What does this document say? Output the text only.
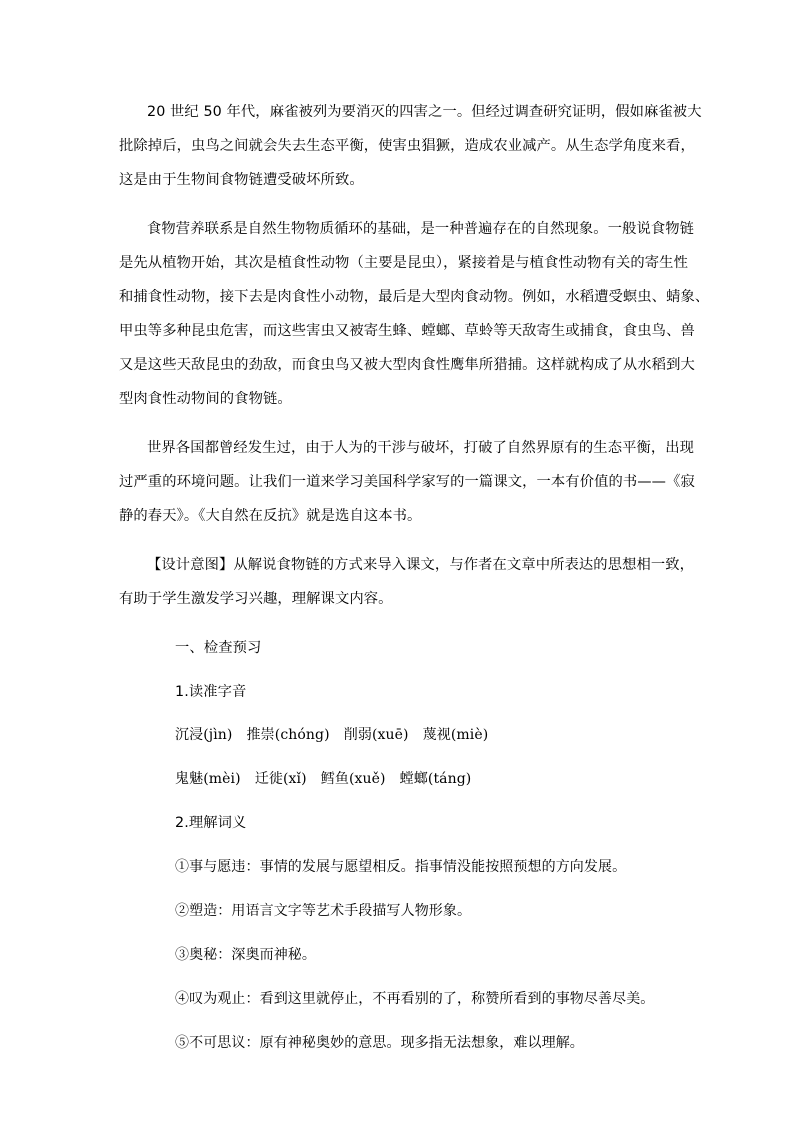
20 世纪 50 年代，麻雀被列为要消灭的四害之一。但经过调查研究证明，假如麻雀被大
批除掉后，虫鸟之间就会失去生态平衡，使害虫猖獗，造成农业减产。从生态学角度来看，
这是由于生物间食物链遭受破坏所致。
食物营养联系是自然生物物质循环的基础，是一种普遍存在的自然现象。一般说食物链
是先从植物开始，其次是植食性动物（主要是昆虫），紧接着是与植食性动物有关的寄生性
和捕食性动物，接下去是肉食性小动物，最后是大型肉食动物。例如，水稻遭受螟虫、蜻象、
甲虫等多种昆虫危害，而这些害虫又被寄生蜂、螳螂、草蛉等天敌寄生或捕食，食虫鸟、兽
又是这些天敌昆虫的劲敌，而食虫鸟又被大型肉食性鹰隼所猎捕。这样就构成了从水稻到大
型肉食性动物间的食物链。
世界各国都曾经发生过，由于人为的干涉与破坏，打破了自然界原有的生态平衡，出现
过严重的环境问题。让我们一道来学习美国科学家写的一篇课文，一本有价值的书——《寂
静的春天》。《大自然在反抗》就是选自这本书。
【设计意图】从解说食物链的方式来导入课文，与作者在文章中所表达的思想相一致，
有助于学生激发学习兴趣，理解课文内容。
一、检查预习
1.读准字音
沉浸(jìn)　推崇(chóng)　削弱(xuē)　蔑视(miè)
鬼魅(mèi)　迁徙(xǐ)　鳕鱼(xuě)　螳螂(táng)
2.理解词义
①事与愿违：事情的发展与愿望相反。指事情没能按照预想的方向发展。
②塑造：用语言文字等艺术手段描写人物形象。
③奥秘：深奥而神秘。
④叹为观止：看到这里就停止，不再看别的了，称赞所看到的事物尽善尽美。
⑤不可思议：原有神秘奥妙的意思。现多指无法想象，难以理解。
